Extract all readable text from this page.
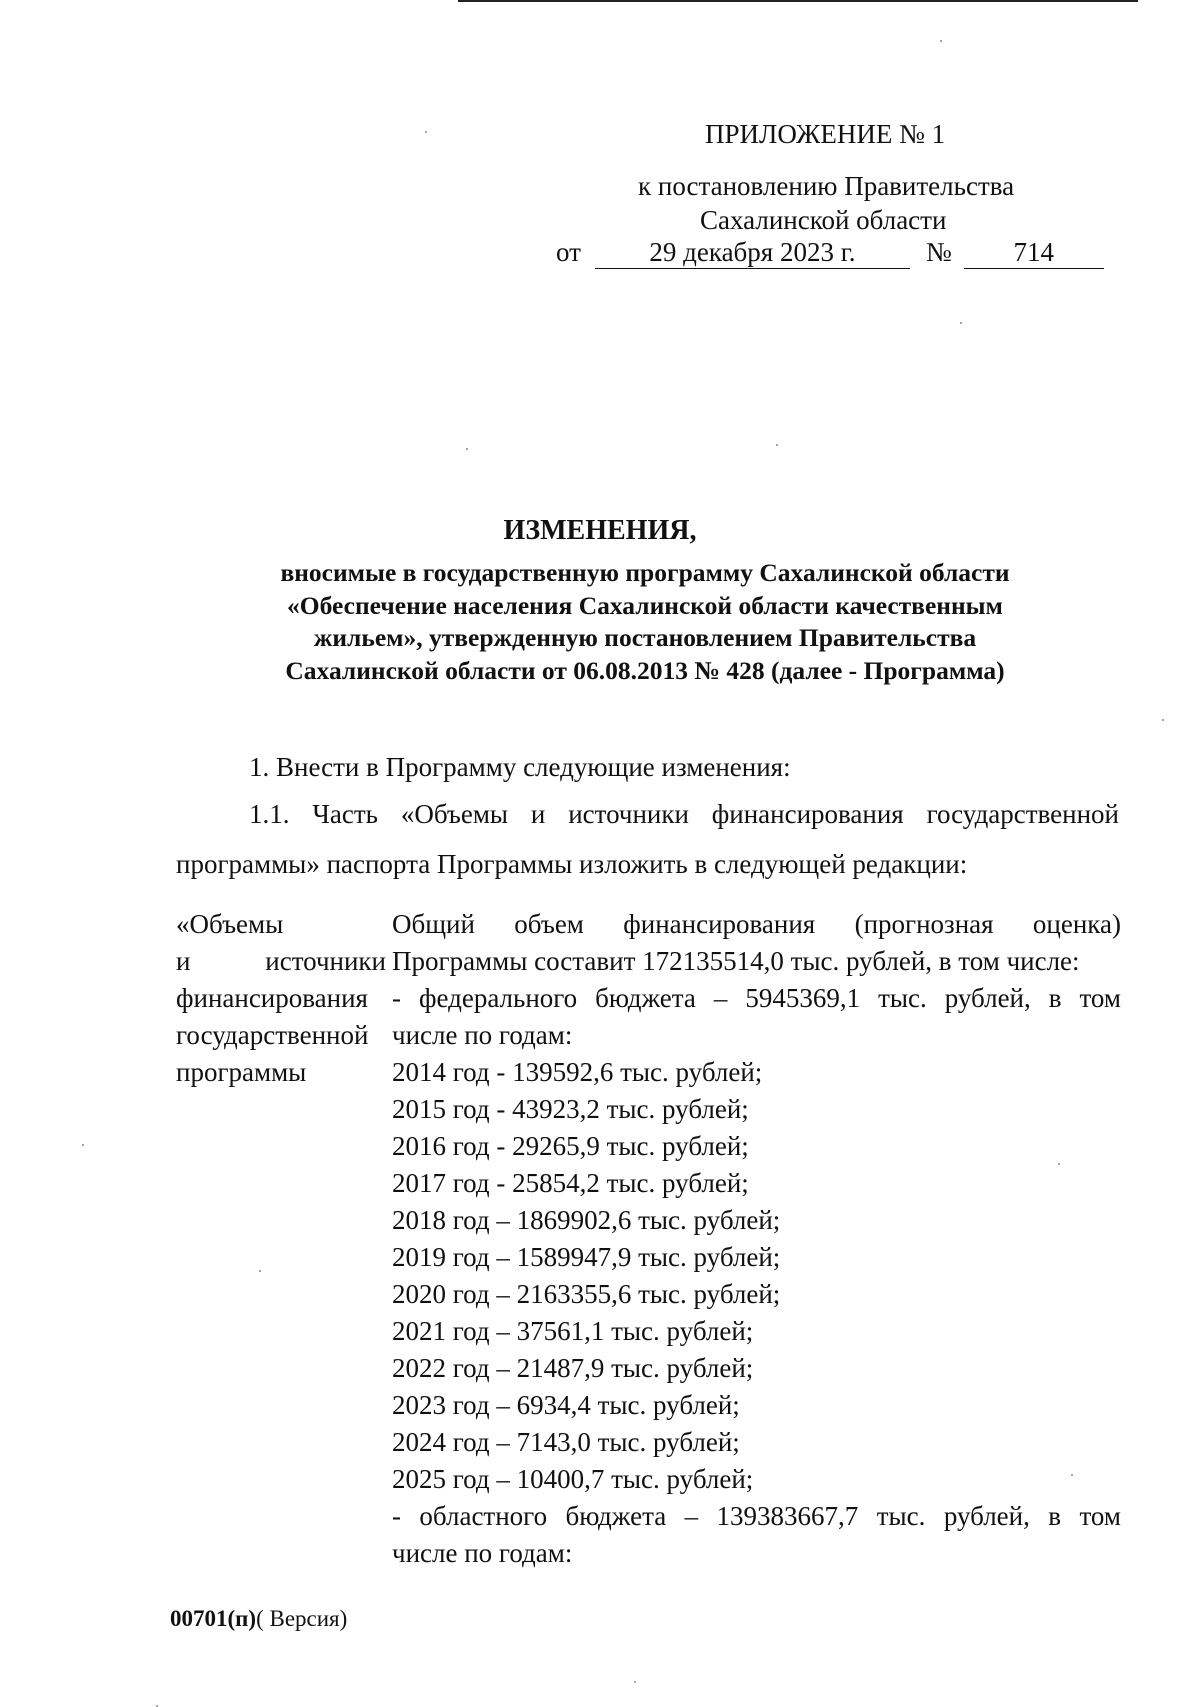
ПРИЛОЖЕНИЕ № 1
к постановлению Правительства
Сахалинской области
от	29 декабря 2023 г.	№ 714
ИЗМЕНЕНИЯ,
вносимые в государственную программу Сахалинской области
«Обеспечение населения Сахалинской области качественным
жильем», утвержденную постановлением Правительства
Сахалинской области от 06.08.2013 № 428 (далее - Программа)
1. Внести в Программу следующие изменения:
1.1. Часть «Объемы и источники финансирования государственной
программы» паспорта Программы изложить в следующей редакции:
«Объемы
и источники
финансирования
государственной
программы
Общий объем финансирования (прогнозная оценка)
Программы составит 172135514,0 тыс. рублей, в том числе:
- федерального бюджета – 5945369,1 тыс. рублей, в том
числе по годам:
2014 год - 139592,6 тыс. рублей;
2015 год - 43923,2 тыс. рублей;
2016 год - 29265,9 тыс. рублей;
2017 год - 25854,2 тыс. рублей;
2018 год – 1869902,6 тыс. рублей;
2019 год – 1589947,9 тыс. рублей;
2020 год – 2163355,6 тыс. рублей;
2021 год – 37561,1 тыс. рублей;
2022 год – 21487,9 тыс. рублей;
2023 год – 6934,4 тыс. рублей;
2024 год – 7143,0 тыс. рублей;
2025 год – 10400,7 тыс. рублей;
- областного бюджета – 139383667,7 тыс. рублей, в том
числе по годам:
00701(п)( Версия)
